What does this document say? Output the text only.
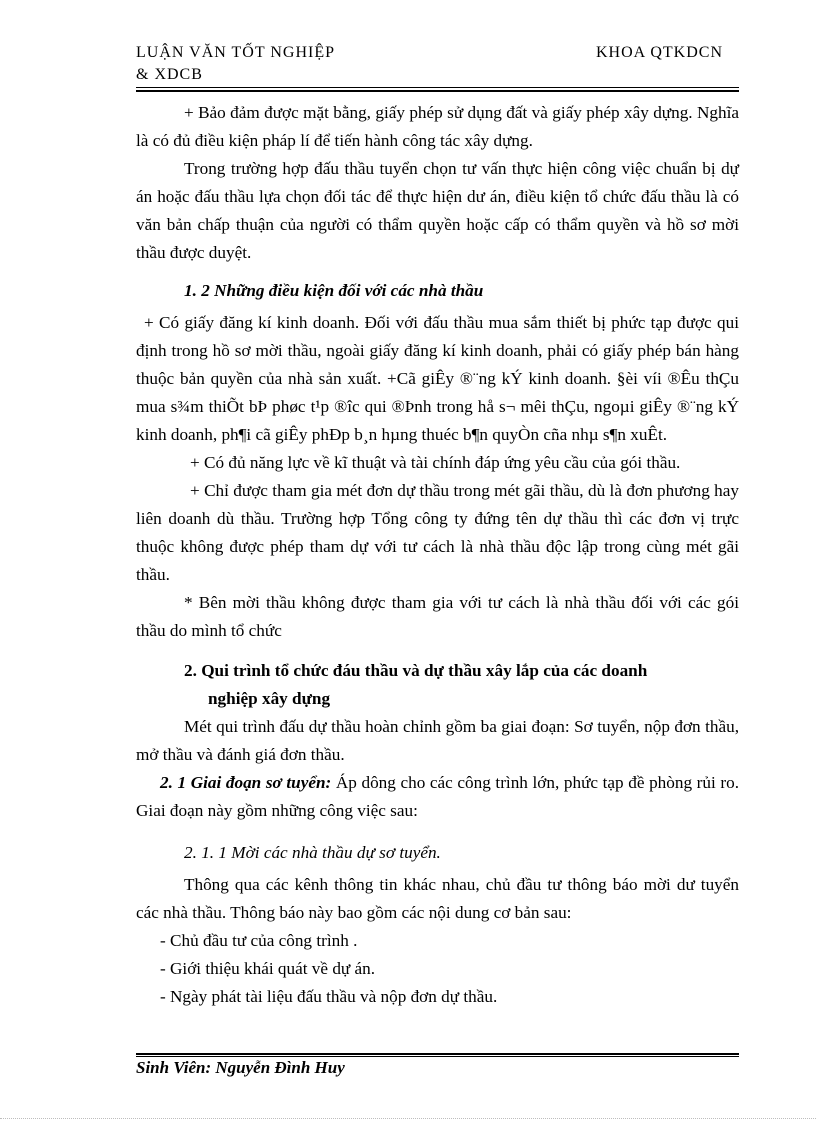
LUẬN VĂN TỐT NGHIỆP
& XDCB
KHOA QTKDCN

+ Bảo đảm được mặt bằng, giấy phép sử dụng đất và giấy phép xây dựng. Nghĩa là có đủ điều kiện pháp lí để tiến hành công tác xây dựng.

Trong trường hợp đấu thầu tuyển chọn tư vấn thực hiện công việc chuẩn bị dự án hoặc đấu thầu lựa chọn đối tác để thực hiện dư án, điều kiện tổ chức đấu thầu là có văn bản chấp thuận của người có thẩm quyền hoặc cấp có thẩm quyền và hồ sơ mời thầu được duyệt.

1. 2 Những điều kiện đối với các nhà thầu

+ Có giấy đăng kí kinh doanh. Đối với đấu thầu mua sắm thiết bị phức tạp được qui định trong hồ sơ mời thầu, ngoài giấy đăng kí kinh doanh, phải có giấy phép bán hàng thuộc bản quyền của nhà sản xuất. +Cã giÊy ®¨ng kÝ kinh doanh. §èi víi ®Êu thÇu mua s¾m thiÕt bÞ phøc t¹p ®îc qui ®Þnh trong hå s¬ mêi thÇu, ngoµi giÊy ®¨ng kÝ kinh doanh, ph¶i cã giÊy phÐp b¸n hµng thuéc b¶n quyÒn cña nhµ s¶n xuÊt.

+ Có đủ năng lực về kĩ thuật và tài chính đáp ứng yêu cầu của gói thầu.

+ Chỉ được tham gia mét đơn dự thầu trong mét gãi thầu, dù là đơn phương hay liên doanh dù thầu. Trường hợp Tổng công ty đứng tên dự thầu thì các đơn vị trực thuộc không được phép tham dự với tư cách là nhà thầu độc lập trong cùng mét gãi thầu.

* Bên mời thầu không được tham gia với tư cách là nhà thầu đối với các gói thầu do mình tổ chức

2. Qui trình tổ chức đáu thầu và dự thầu xây lắp của các doanh

nghiệp xây dựng

Mét qui trình đấu dự thầu hoàn chỉnh gồm ba giai đoạn: Sơ tuyển, nộp đơn thầu, mở thầu và đánh giá đơn thầu.

2. 1 Giai đoạn sơ tuyển: Áp dông cho các công trình lớn, phức tạp đề phòng rủi ro. Giai đoạn này gồm những công việc sau:

2. 1. 1 Mời các nhà thầu dự sơ tuyển.

Thông qua các kênh thông tin khác nhau, chủ đầu tư thông báo mời dư tuyển các nhà thầu. Thông báo này bao gồm các nội dung cơ bản sau:

- Chủ đầu tư của công trình .

- Giới thiệu khái quát về dự án.

- Ngày phát tài liệu đấu thầu và nộp đơn dự thầu.

Sinh Viên: Nguyễn Đình Huy
